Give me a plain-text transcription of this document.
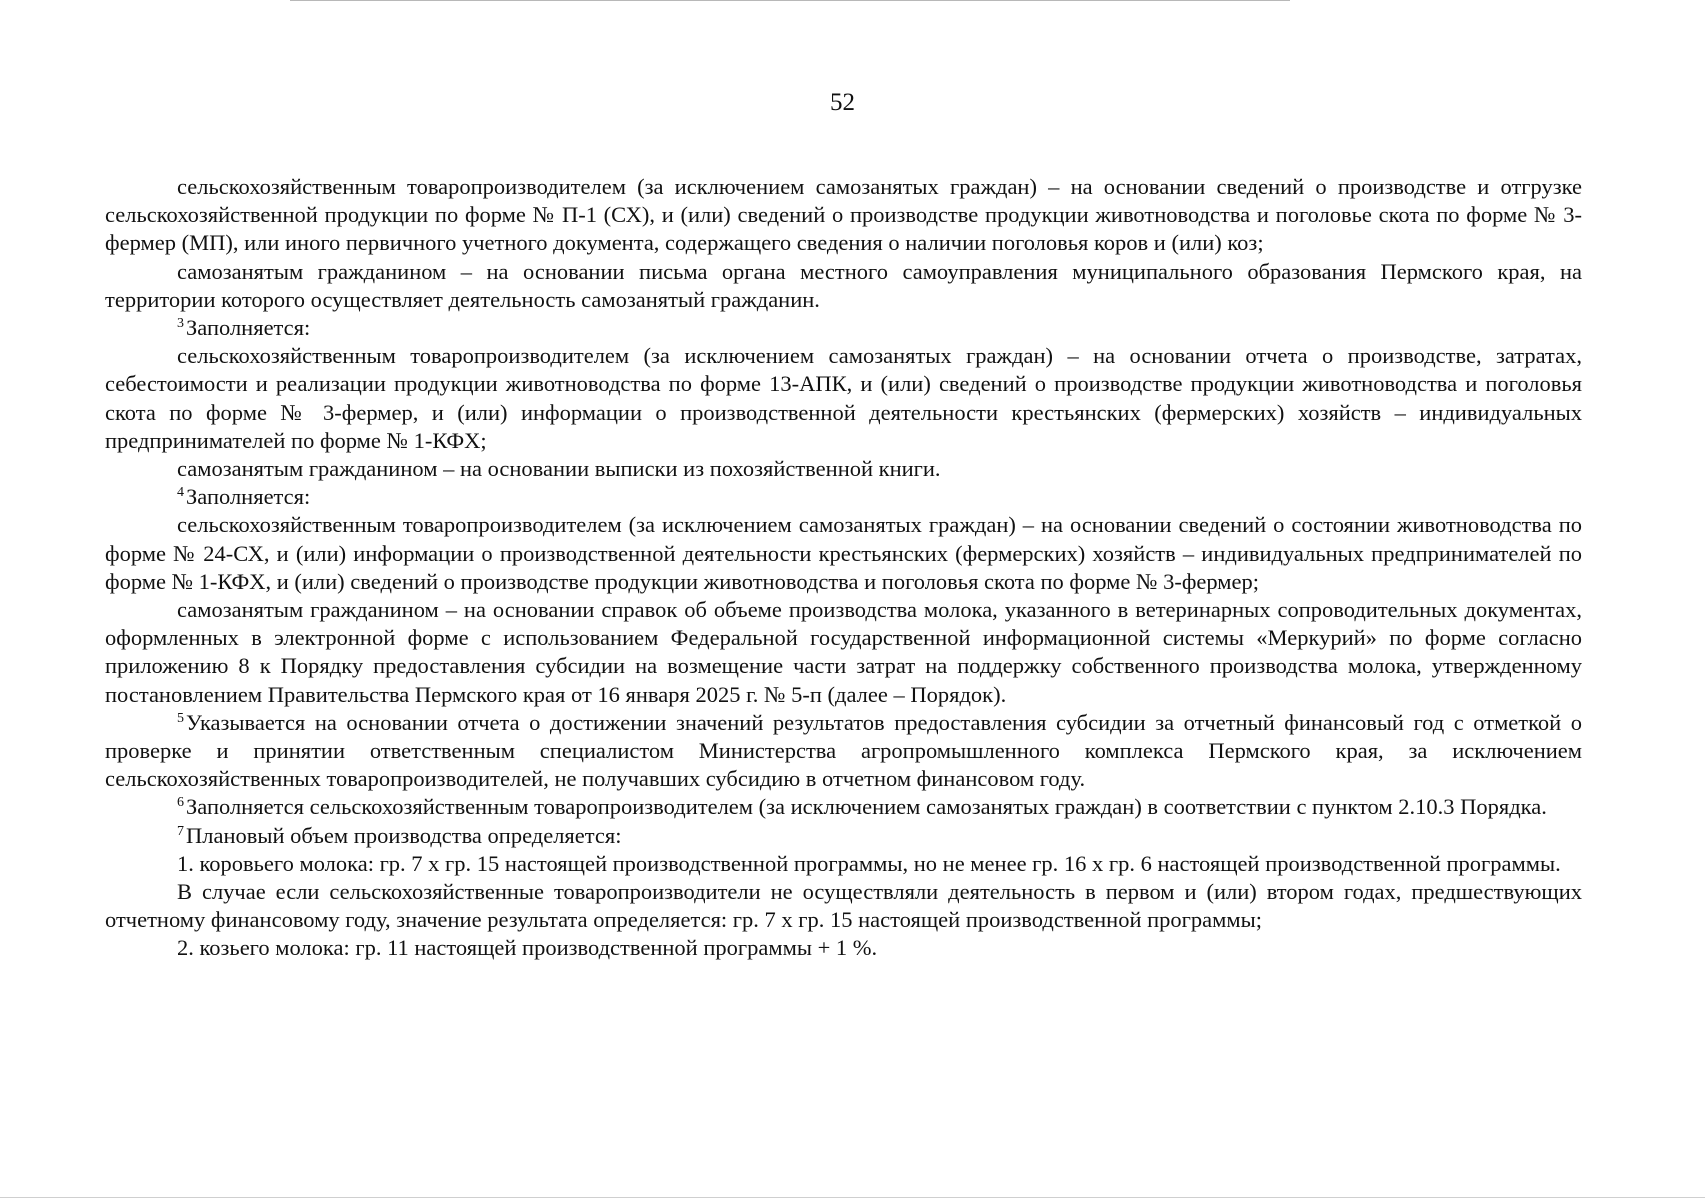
52

сельскохозяйственным товаропроизводителем (за исключением самозанятых граждан) – на основании сведений о производстве и отгрузке сельскохозяйственной продукции по форме № П-1 (СХ), и (или) сведений о производстве продукции животноводства и поголовье скота по форме № 3-фермер (МП), или иного первичного учетного документа, содержащего сведения о наличии поголовья коров и (или) коз;

самозанятым гражданином – на основании письма органа местного самоуправления муниципального образования Пермского края, на территории которого осуществляет деятельность самозанятый гражданин.

$^3$Заполняется:

сельскохозяйственным товаропроизводителем (за исключением самозанятых граждан) – на основании отчета о производстве, затратах, себестоимости и реализации продукции животноводства по форме 13-АПК, и (или) сведений о производстве продукции животноводства и поголовья скота по форме № 3-фермер, и (или) информации о производственной деятельности крестьянских (фермерских) хозяйств – индивидуальных предпринимателей по форме № 1-КФХ;

самозанятым гражданином – на основании выписки из похозяйственной книги.

$^4$Заполняется:

сельскохозяйственным товаропроизводителем (за исключением самозанятых граждан) – на основании сведений о состоянии животноводства по форме № 24-СХ, и (или) информации о производственной деятельности крестьянских (фермерских) хозяйств – индивидуальных предпринимателей по форме № 1-КФХ, и (или) сведений о производстве продукции животноводства и поголовья скота по форме № 3-фермер;

самозанятым гражданином – на основании справок об объеме производства молока, указанного в ветеринарных сопроводительных документах, оформленных в электронной форме с использованием Федеральной государственной информационной системы «Меркурий» по форме согласно приложению 8 к Порядку предоставления субсидии на возмещение части затрат на поддержку собственного производства молока, утвержденному постановлением Правительства Пермского края от 16 января 2025 г. № 5-п (далее – Порядок).

$^5$Указывается на основании отчета о достижении значений результатов предоставления субсидии за отчетный финансовый год с отметкой о проверке и принятии ответственным специалистом Министерства агропромышленного комплекса Пермского края, за исключением сельскохозяйственных товаропроизводителей, не получавших субсидию в отчетном финансовом году.

$^6$Заполняется сельскохозяйственным товаропроизводителем (за исключением самозанятых граждан) в соответствии с пунктом 2.10.3 Порядка.

$^7$Плановый объем производства определяется:

1. коровьего молока: гр. 7 х гр. 15 настоящей производственной программы, но не менее гр. 16 х гр. 6 настоящей производственной программы.

В случае если сельскохозяйственные товаропроизводители не осуществляли деятельность в первом и (или) втором годах, предшествующих отчетному финансовому году, значение результата определяется: гр. 7 х гр. 15 настоящей производственной программы;

2. козьего молока: гр. 11 настоящей производственной программы + 1 %.
